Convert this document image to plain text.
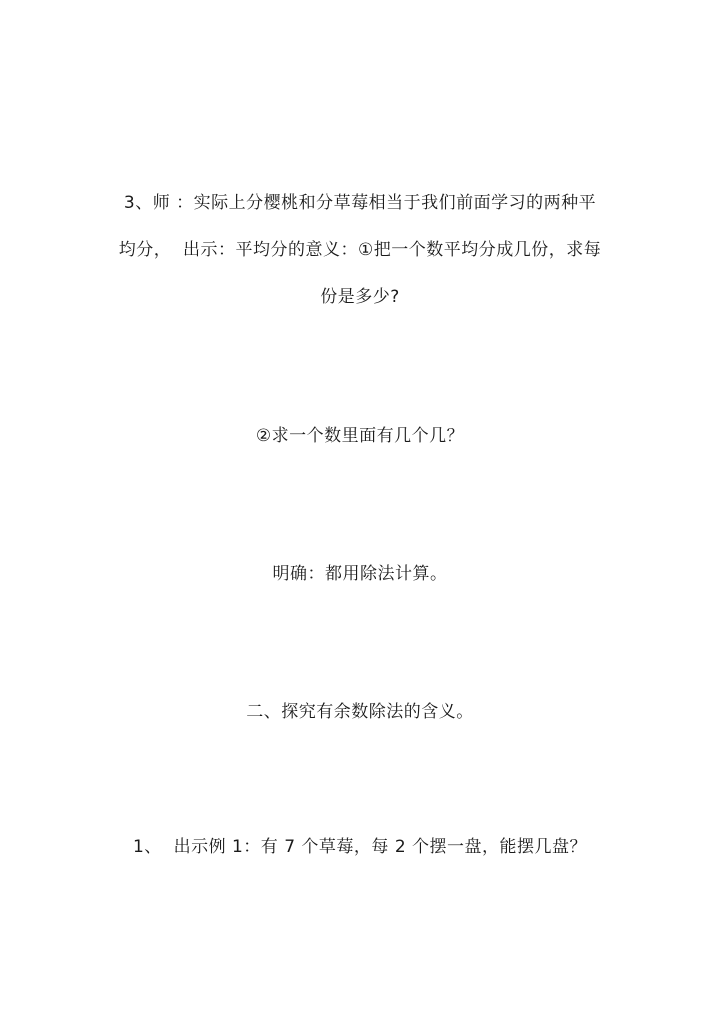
3、师 ：实际上分樱桃和分草莓相当于我们前面学习的两种平
均分，  出示：平均分的意义：①把一个数平均分成几份，求每
份是多少?
②求一个数里面有几个几？
明确：都用除法计算。
二、探究有余数除法的含义。
1、  出示例 1：有 7 个草莓，每 2 个摆一盘，能摆几盘？
